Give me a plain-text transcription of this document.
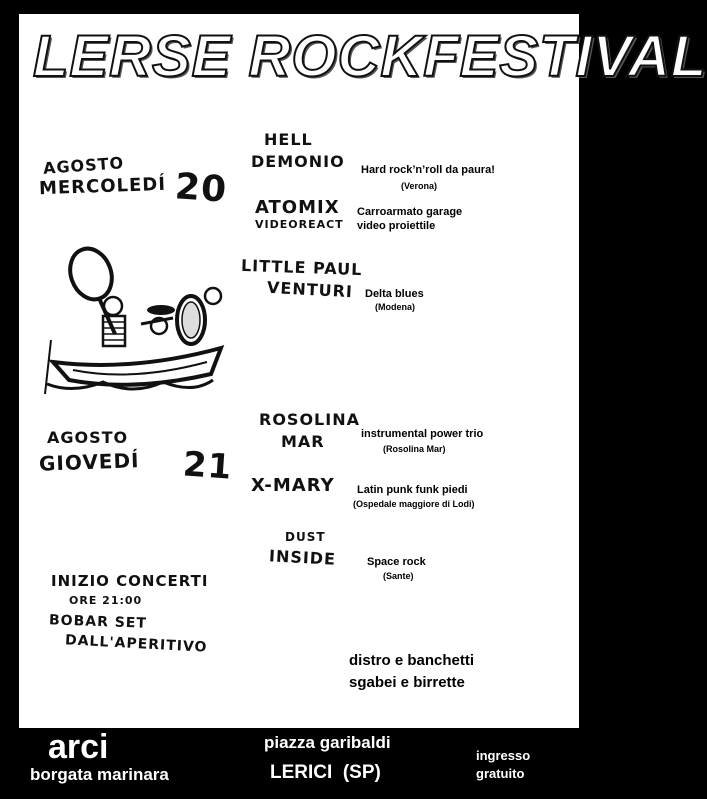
LERSE ROCKFESTIVAL
AGOSTO
MERCOLEDÍ 20
HELL
DEMONIO Hard rock’n’roll da paura!
(Verona)
ATOMIX
VIDEOREACT
Carroarmato garage
video proiettile
LITTLE PAUL
VENTURI Delta blues
(Modena)
AGOSTO
GIOVEDÍ 21
ROSOLINA
MAR	instrumental power trio
(Rosolina Mar)
X-MARY Latin punk funk piedi
(Ospedale maggiore di Lodi)
DUST
INSIDE	Space rock
(Sante)
INIZIO CONCERTI
ORE 21:00
BOBAR SET
DALL'APERITIVO
distro e banchetti
sgabei e birrette
arci
borgata marinara
piazza garibaldi
LERICI  (SP)
ingresso
gratuito
